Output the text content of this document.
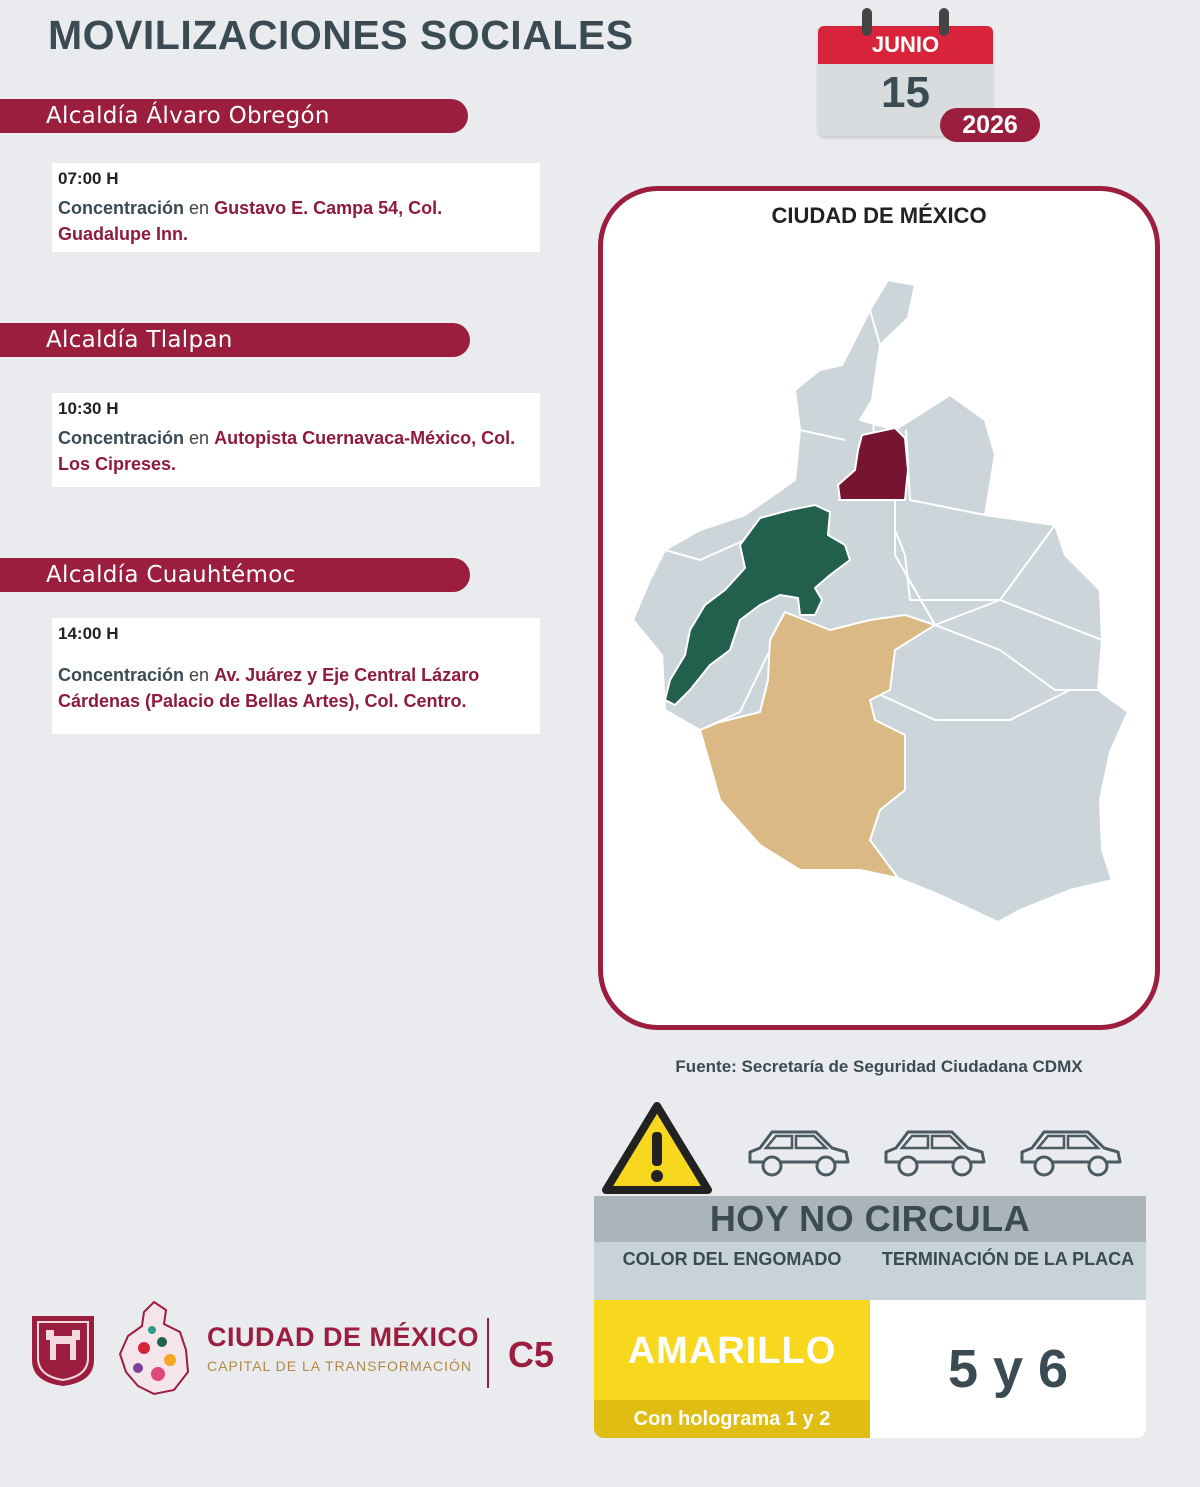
MOVILIZACIONES SOCIALES	JUNIO
15
2026
Alcaldía Álvaro Obregón
07:00 H
Concentración en Gustavo E. Campa 54, Col. Guadalupe Inn.
Alcaldía Tlalpan
10:30 H
Concentración en Autopista Cuernavaca-México, Col. Los Cipreses.
Alcaldía Cuauhtémoc
14:00 H
Concentración en Av. Juárez y Eje Central Lázaro Cárdenas (Palacio de Bellas Artes), Col. Centro.
CIUDAD DE MÉXICO
Fuente: Secretaría de Seguridad Ciudadana CDMX
HOY NO CIRCULA
COLOR DEL ENGOMADO	TERMINACIÓN DE LA PLACA
AMARILLO
Con holograma 1 y 2
5 y 6
CIUDAD DE MÉXICO
CAPITAL DE LA TRANSFORMACIÓN C5
